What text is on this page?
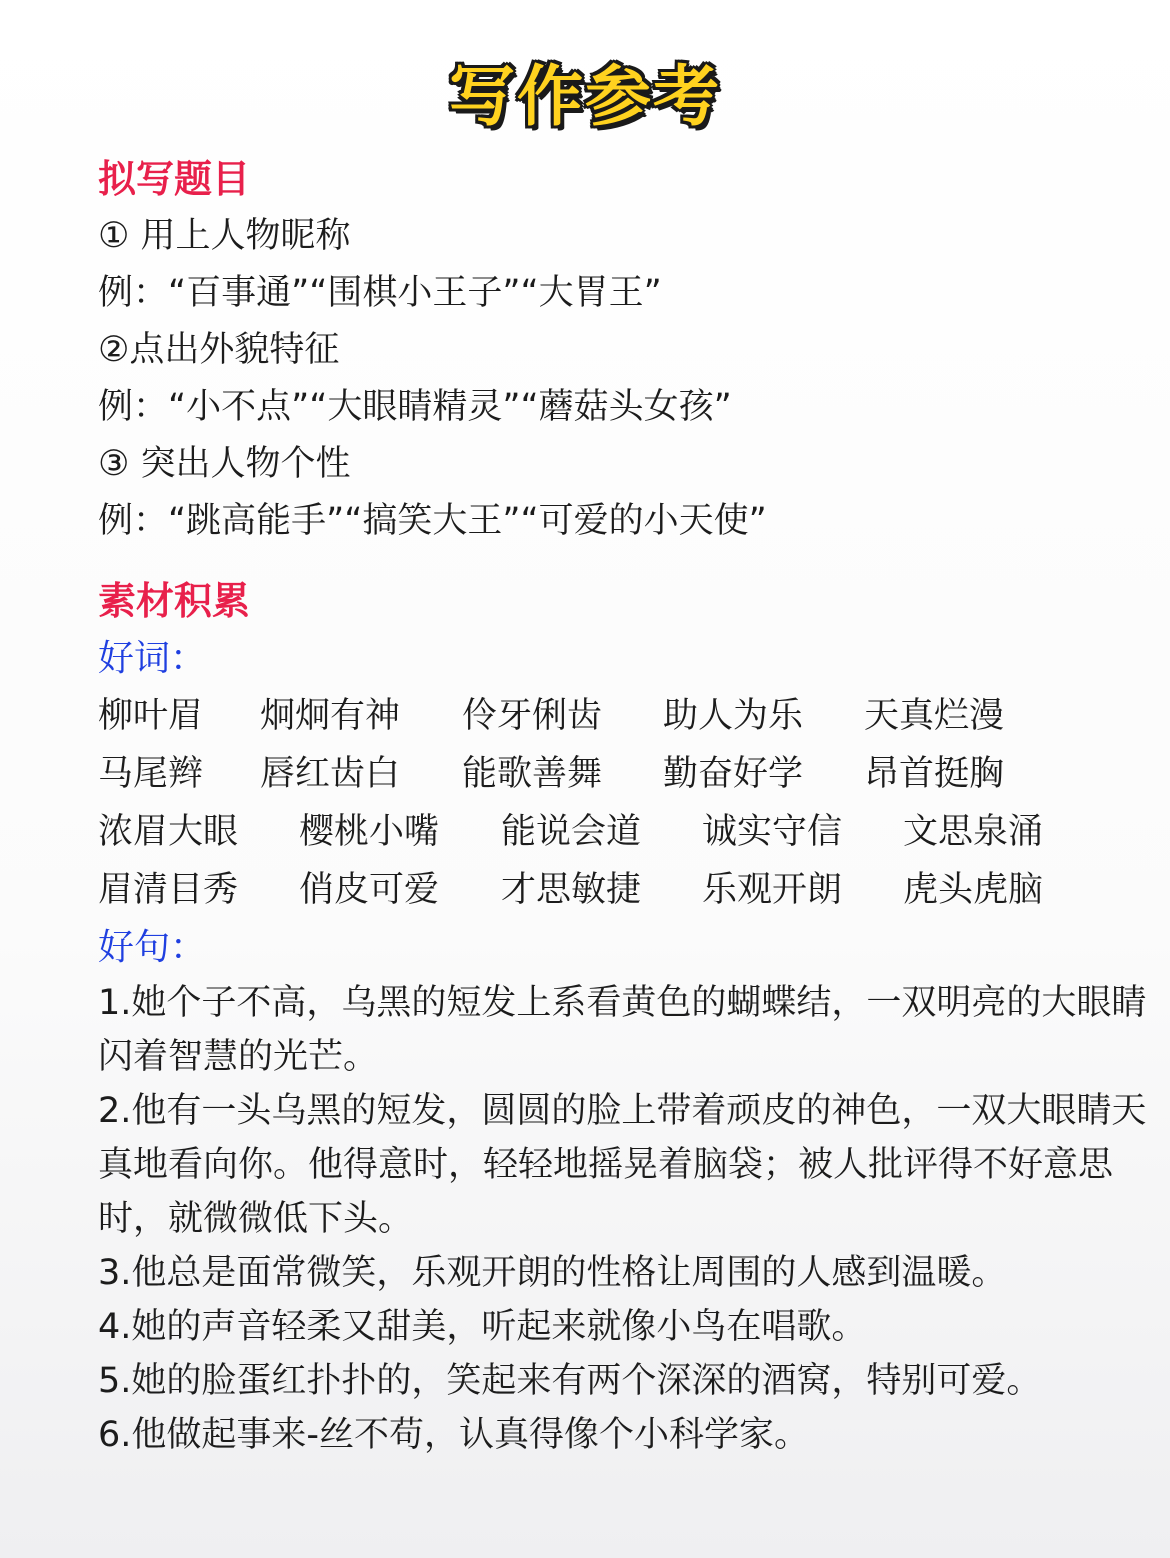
写作参考
拟写题目

① 用上人物昵称

例：“百事通”“围棋小王子”“大胃王”

②点出外貌特征

例：“小不点”“大眼睛精灵”“蘑菇头女孩”

③ 突出人物个性

例：“跳高能手”“搞笑大王”“可爱的小天使”

素材积累

好词：

柳叶眉 炯炯有神 伶牙俐齿 助人为乐 天真烂漫
马尾辫 唇红齿白 能歌善舞 勤奋好学 昂首挺胸
浓眉大眼 樱桃小嘴 能说会道 诚实守信 文思泉涌
眉清目秀 俏皮可爱 才思敏捷 乐观开朗 虎头虎脑

好句：

1.她个子不高，乌黑的短发上系看黄色的蝴蝶结，一双明亮的大眼睛闪着智慧的光芒。

2.他有一头乌黑的短发，圆圆的脸上带着顽皮的神色，一双大眼睛天真地看向你。他得意时，轻轻地摇晃着脑袋；被人批评得不好意思时，就微微低下头。

3.他总是面常微笑，乐观开朗的性格让周围的人感到温暖。

4.她的声音轻柔又甜美，听起来就像小鸟在唱歌。

5.她的脸蛋红扑扑的，笑起来有两个深深的酒窝，特别可爱。

6.他做起事来-丝不苟，认真得像个小科学家。
